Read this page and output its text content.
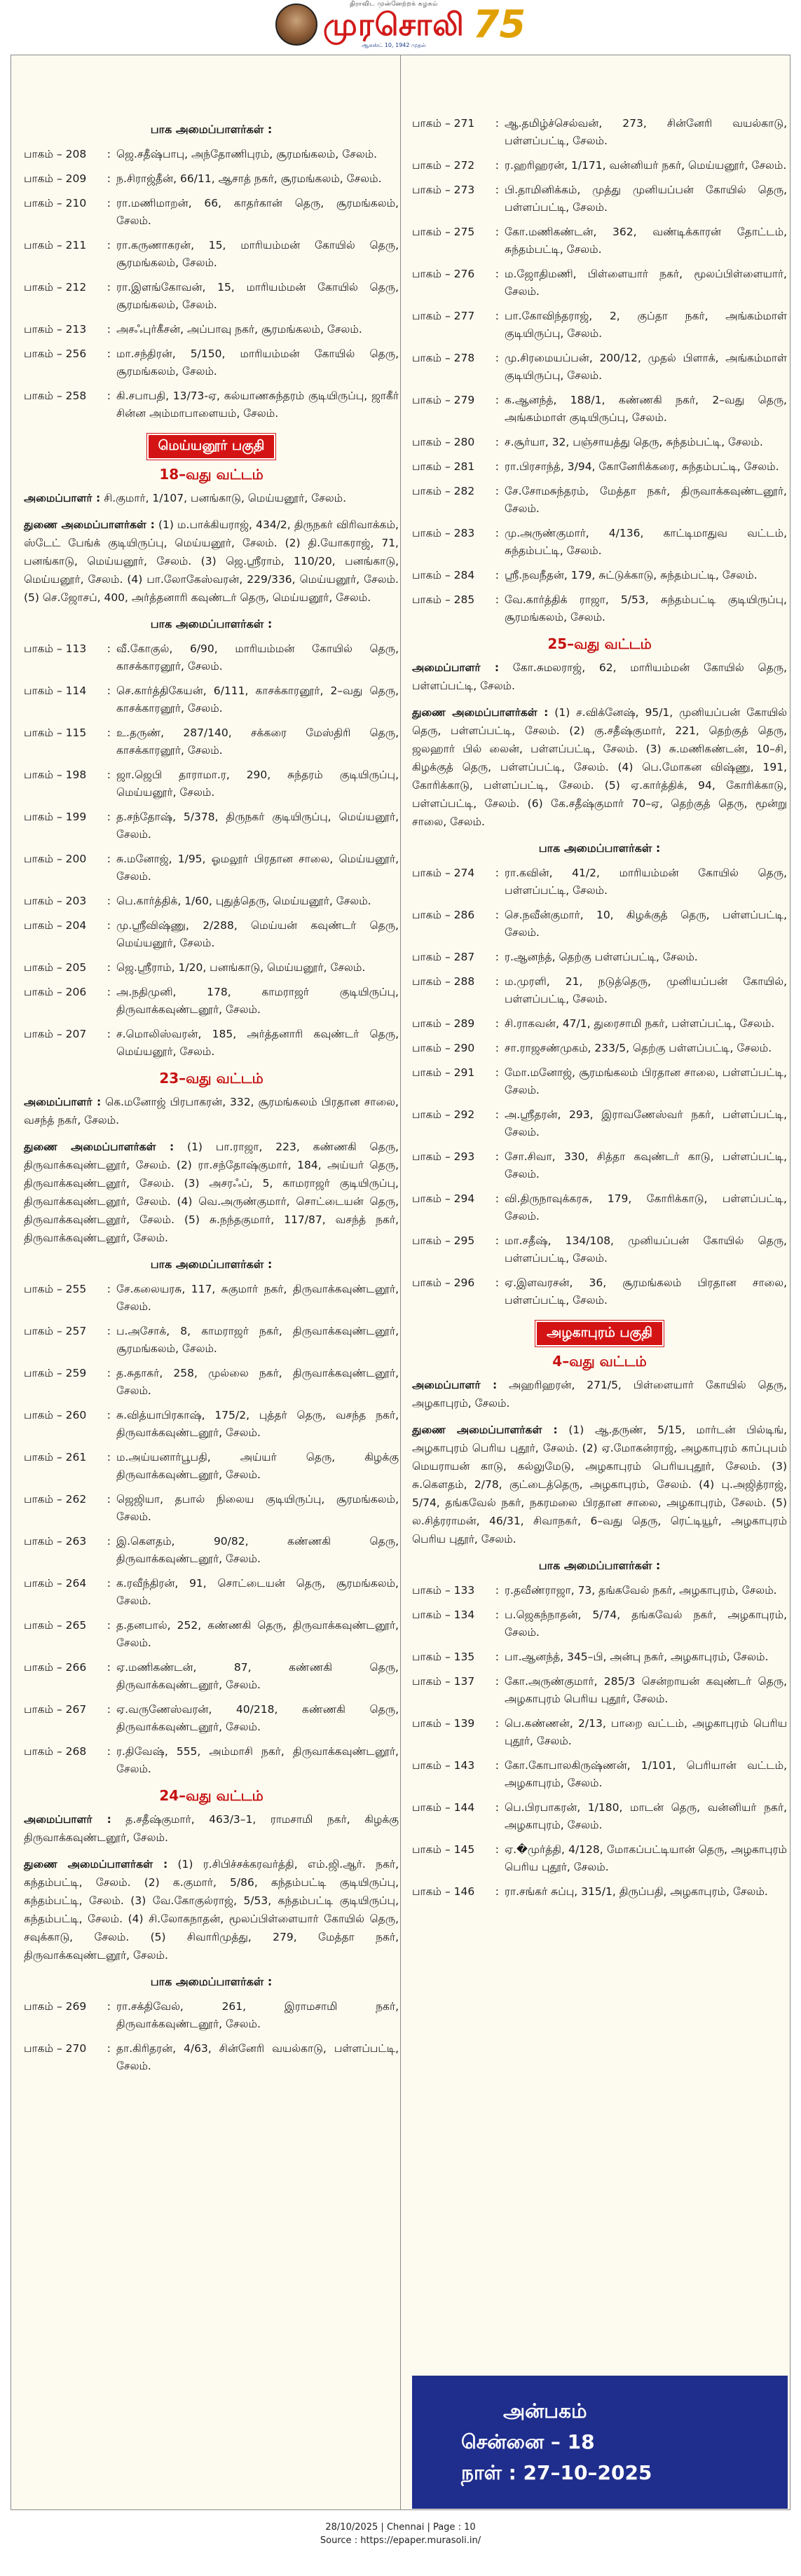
திராவிட முன்னேற்றக் கழகம்
முரசொலி
ஆகஸ்ட் 10, 1942 முதல் 75
பாக அமைப்பாளர்கள் :
பாகம் – 208 : ஜெ.சதீஷ்பாபு, அந்தோணிபுரம், சூரமங்கலம், சேலம்.
பாகம் – 209 : ந.சிராஜ்தீன், 66/11, ஆசாத் நகர், சூரமங்கலம், சேலம்.
பாகம் – 210 : ரா.மணிமாறன், 66, காதர்கான் தெரு, சூரமங்கலம், சேலம்.
பாகம் – 211 : ரா.கருணாகரன், 15, மாரியம்மன் கோயில் தெரு, சூரமங்கலம், சேலம்.
பாகம் – 212 : ரா.இளங்கோவன், 15, மாரியம்மன் கோயில் தெரு, சூரமங்கலம், சேலம்.
பாகம் – 213 : அசஃபுர்கீசன், அப்பாவு நகர், சூரமங்கலம், சேலம்.
பாகம் – 256 : மா.சந்திரன், 5/150, மாரியம்மன் கோயில் தெரு, சூரமங்கலம், சேலம்.
பாகம் – 258 : கி.சபாபதி, 13/73-ஏ, கல்யாணசுந்தரம் குடியிருப்பு, ஜாகீர் சின்ன அம்மாபாளையம், சேலம்.
மெய்யனூர் பகுதி
18–வது வட்டம்
அமைப்பாளர் : சி.குமார், 1/107, பனங்காடு, மெய்யனூர், சேலம்.
துணை அமைப்பாளர்கள் : (1) ம.பாக்கியராஜ், 434/2, திருநகர் விரிவாக்கம், ஸ்டேட் பேங்க் குடியிருப்பு, மெய்யனூர், சேலம். (2) தி.யோகராஜ், 71, பனங்காடு, மெய்யனூர், சேலம். (3) ஜெ.ஸ்ரீராம், 110/20, பனங்காடு, மெய்யனூர், சேலம். (4) பா.லோகேஸ்வரன், 229/336, மெய்யனூர், சேலம். (5) செ.ஜோசப், 400, அர்த்தனாரி கவுண்டர் தெரு, மெய்யனூர், சேலம்.
பாக அமைப்பாளர்கள் :
பாகம் – 113 : வீ.கோகுல், 6/90, மாரியம்மன் கோயில் தெரு, காசக்காரனூர், சேலம்.
பாகம் – 114 : செ.கார்த்திகேயன், 6/111, காசக்காரனூர், 2–வது தெரு, காசக்காரனூர், சேலம்.
பாகம் – 115 : உ.தருண், 287/140, சக்கரை மேஸ்திரி தெரு, காசக்காரனூர், சேலம்.
பாகம் – 198 : ஜா.ஜெபி தாராமா.ர, 290, சுந்தரம் குடியிருப்பு, மெய்யனூர், சேலம்.
பாகம் – 199 : த.சந்தோஷ், 5/378, திருநகர் குடியிருப்பு, மெய்யனூர், சேலம்.
பாகம் – 200 : சு.மனோஜ், 1/95, ஓமலூர் பிரதான சாலை, மெய்யனூர், சேலம்.
பாகம் – 203 : பெ.கார்த்திக், 1/60, புதுத்தெரு, மெய்யனூர், சேலம்.
பாகம் – 204 : மு.ஸ்ரீவிஷ்ணு, 2/288, மெய்யன் கவுண்டர் தெரு, மெய்யனூர், சேலம்.
பாகம் – 205 : ஜெ.ஸ்ரீராம், 1/20, பனங்காடு, மெய்யனூர், சேலம்.
பாகம் – 206 : அ.நதிமுனி, 178, காமராஜர் குடியிருப்பு, திருவாக்கவுண்டனூர், சேலம்.
பாகம் – 207 : ச.மொலிஸ்வரன், 185, அர்த்தனாரி கவுண்டர் தெரு, மெய்யனூர், சேலம்.
23–வது வட்டம்
அமைப்பாளர் : கெ.மனோஜ் பிரபாகரன், 332, சூரமங்கலம் பிரதான சாலை, வசந்த் நகர், சேலம்.
துணை அமைப்பாளர்கள் : (1) பா.ராஜா, 223, கண்ணகி தெரு, திருவாக்கவுண்டனூர், சேலம். (2) ரா.சந்தோஷ்குமார், 184, அய்யர் தெரு, திருவாக்கவுண்டனூர், சேலம். (3) அசரஃப், 5, காமராஜர் குடியிருப்பு, திருவாக்கவுண்டனூர், சேலம். (4) வெ.அருண்குமார், சொட்டையன் தெரு, திருவாக்கவுண்டனூர், சேலம். (5) சு.நந்தகுமார், 117/87, வசந்த் நகர், திருவாக்கவுண்டனூர், சேலம்.
பாக அமைப்பாளர்கள் :
பாகம் – 255 : சே.கலையரசு, 117, சுகுமார் நகர், திருவாக்கவுண்டனூர், சேலம்.
பாகம் – 257 : ப.அசோக், 8, காமராஜர் நகர், திருவாக்கவுண்டனூர், சூரமங்கலம், சேலம்.
பாகம் – 259 : த.சுதாகர், 258, முல்லை நகர், திருவாக்கவுண்டனூர், சேலம்.
பாகம் – 260 : சு.வித்யாபிரகாஷ், 175/2, புத்தர் தெரு, வசந்த நகர், திருவாக்கவுண்டனூர், சேலம்.
பாகம் – 261 : ம.அய்யனார்பூபதி, அய்யர் தெரு, கிழக்கு திருவாக்கவுண்டனூர், சேலம்.
பாகம் – 262 : ஜெஜியா, தபால் நிலைய குடியிருப்பு, சூரமங்கலம், சேலம்.
பாகம் – 263 : இ.கௌதம், 90/82, கண்ணகி தெரு, திருவாக்கவுண்டனூர், சேலம்.
பாகம் – 264 : க.ரவீந்திரன், 91, சொட்டையன் தெரு, சூரமங்கலம், சேலம்.
பாகம் – 265 : த.தனபால், 252, கண்ணகி தெரு, திருவாக்கவுண்டனூர், சேலம்.
பாகம் – 266 : ஏ.மணிகண்டன், 87, கண்ணகி தெரு, திருவாக்கவுண்டனூர், சேலம்.
பாகம் – 267 : ஏ.வருணேஸ்வரன், 40/218, கண்ணகி தெரு, திருவாக்கவுண்டனூர், சேலம்.
பாகம் – 268 : ர.திவேஷ், 555, அம்மாசி நகர், திருவாக்கவுண்டனூர், சேலம்.
24–வது வட்டம்
அமைப்பாளர் : த.சதீஷ்குமார், 463/3–1, ராமசாமி நகர், கிழக்கு திருவாக்கவுண்டனூர், சேலம்.
துணை அமைப்பாளர்கள் : (1) ர.சிபிச்சக்கரவர்த்தி, எம்.ஜி.ஆர். நகர், கந்தம்பட்டி, சேலம். (2) க.குமார், 5/86, கந்தம்பட்டி குடியிருப்பு, கந்தம்பட்டி, சேலம். (3) வே.கோகுல்ராஜ், 5/53, கந்தம்பட்டி குடியிருப்பு, கந்தம்பட்டி, சேலம். (4) சி.லோகநாதன், மூலப்பிள்ளையார் கோயில் தெரு, சவுக்காடு, சேலம். (5) சிவாரிமுத்து, 279, மேத்தா நகர், திருவாக்கவுண்டனூர், சேலம்.
பாக அமைப்பாளர்கள் :
பாகம் – 269 : ரா.சக்திவேல், 261, இராமசாமி நகர், திருவாக்கவுண்டனூர், சேலம்.
பாகம் – 270 : தா.கிரிதரன், 4/63, சின்னேரி வயல்காடு, பள்ளப்பட்டி, சேலம்.
பாகம் – 271 : ஆ.தமிழ்ச்செல்வன், 273, சின்னேரி வயல்காடு, பள்ளப்பட்டி, சேலம்.
பாகம் – 272 : ர.ஹரிஹரன், 1/171, வன்னியர் நகர், மெய்யனூர், சேலம்.
பாகம் – 273 : பி.தாமினிக்கம், முத்து முனியப்பன் கோயில் தெரு, பள்ளப்பட்டி, சேலம்.
பாகம் – 275 : கோ.மணிகண்டன், 362, வண்டிக்காரன் தோட்டம், சுந்தம்பட்டி, சேலம்.
பாகம் – 276 : ம.ஜோதிமணி, பிள்ளையார் நகர், மூலப்பிள்ளையார், சேலம்.
பாகம் – 277 : பா.கோவிந்தராஜ், 2, குப்தா நகர், அங்கம்மாள் குடியிருப்பு, சேலம்.
பாகம் – 278 : மு.சிரமையப்பன், 200/12, முதல் பிளாக், அங்கம்மாள் குடியிருப்பு, சேலம்.
பாகம் – 279 : க.ஆனந்த், 188/1, கண்ணகி நகர், 2–வது தெரு, அங்கம்மாள் குடியிருப்பு, சேலம்.
பாகம் – 280 : ச.சூர்யா, 32, பஞ்சாயத்து தெரு, சுந்தம்பட்டி, சேலம்.
பாகம் – 281 : ரா.பிரசாந்த், 3/94, கோனேரிக்கரை, சுந்தம்பட்டி, சேலம்.
பாகம் – 282 : சே.சோமசுந்தரம், மேத்தா நகர், திருவாக்கவுண்டனூர், சேலம்.
பாகம் – 283 : மு.அருண்குமார், 4/136, காட்டிமாதுவ வட்டம், சுந்தம்பட்டி, சேலம்.
பாகம் – 284 : ஸ்ரீ.நவநீதன், 179, சுட்டுக்காடு, சுந்தம்பட்டி, சேலம்.
பாகம் – 285 : வே.கார்த்திக் ராஜா, 5/53, சுந்தம்பட்டி குடியிருப்பு, சூரமங்கலம், சேலம்.
25–வது வட்டம்
அமைப்பாளர் : கோ.சுமலராஜ், 62, மாரியம்மன் கோயில் தெரு, பள்ளப்பட்டி, சேலம்.
துணை அமைப்பாளர்கள் : (1) ச.விக்னேஷ், 95/1, முனியப்பன் கோயில் தெரு, பள்ளப்பட்டி, சேலம். (2) கு.சதீஷ்குமார், 221, தெற்குத் தெரு, ஜலஹார் பில் லைன், பள்ளப்பட்டி, சேலம். (3) சு.மணிகண்டன், 10–சி, கிழக்குத் தெரு, பள்ளப்பட்டி, சேலம். (4) பெ.மோகன விஷ்ணு, 191, கோரிக்காடு, பள்ளப்பட்டி, சேலம். (5) ஏ.கார்த்திக், 94, கோரிக்காடு, பள்ளப்பட்டி, சேலம். (6) கே.சதீஷ்குமார் 70–ஏ, தெற்குத் தெரு, மூன்று சாலை, சேலம்.
பாக அமைப்பாளர்கள் :
பாகம் – 274 : ரா.கவின், 41/2, மாரியம்மன் கோயில் தெரு, பள்ளப்பட்டி, சேலம்.
பாகம் – 286 : செ.நவீன்குமார், 10, கிழக்குத் தெரு, பள்ளப்பட்டி, சேலம்.
பாகம் – 287 : ர.ஆனந்த், தெற்கு பள்ளப்பட்டி, சேலம்.
பாகம் – 288 : ம.முரளி, 21, நடுத்தெரு, முனியப்பன் கோயில், பள்ளப்பட்டி, சேலம்.
பாகம் – 289 : சி.ராகவன், 47/1, துரைசாமி நகர், பள்ளப்பட்டி, சேலம்.
பாகம் – 290 : சா.ராஜசண்முகம், 233/5, தெற்கு பள்ளப்பட்டி, சேலம்.
பாகம் – 291 : மோ.மனோஜ், சூரமங்கலம் பிரதான சாலை, பள்ளப்பட்டி, சேலம்.
பாகம் – 292 : அ.ஸ்ரீதரன், 293, இராவணேஸ்வர் நகர், பள்ளப்பட்டி, சேலம்.
பாகம் – 293 : சோ.சிவா, 330, சித்தா கவுண்டர் காடு, பள்ளப்பட்டி, சேலம்.
பாகம் – 294 : வி.திருநாவுக்கரசு, 179, கோரிக்காடு, பள்ளப்பட்டி, சேலம்.
பாகம் – 295 : மா.சதீஷ், 134/108, முனியப்பன் கோயில் தெரு, பள்ளப்பட்டி, சேலம்.
பாகம் – 296 : ஏ.இளவரசன், 36, சூரமங்கலம் பிரதான சாலை, பள்ளப்பட்டி, சேலம்.
அழகாபுரம் பகுதி
4–வது வட்டம்
அமைப்பாளர் : அஹரிஹரன், 271/5, பிள்ளையார் கோயில் தெரு, அழகாபுரம், சேலம்.
துணை அமைப்பாளர்கள் : (1) ஆ.தருண், 5/15, மார்டன் பில்டிங், அழகாபுரம் பெரிய புதூர், சேலம். (2) ஏ.மோகன்ராஜ், அழகாபுரம் காப்புபம் மெயராயன் காடு, கல்லுமேடு, அழகாபுரம் பெரியபுதூர், சேலம். (3) சு.கௌதம், 2/78, குட்டைத்தெரு, அழகாபுரம், சேலம். (4) பு.அஜித்ராஜ், 5/74, தங்கவேல் நகர், நகரமலை பிரதான சாலை, அழகாபுரம், சேலம். (5) ல.சித்ரராமன், 46/31, சிவாநகர், 6–வது தெரு, ரெட்டியூர், அழகாபுரம் பெரிய புதூர், சேலம்.
பாக அமைப்பாளர்கள் :
பாகம் – 133 : ர.தவீண்ராஜா, 73, தங்கவேல் நகர், அழகாபுரம், சேலம்.
பாகம் – 134 : ப.ஜெகந்நாதன், 5/74, தங்கவேல் நகர், அழகாபுரம், சேலம்.
பாகம் – 135 : பா.ஆனந்த், 345–பி, அன்பு நகர், அழகாபுரம், சேலம்.
பாகம் – 137 : கோ.அருண்குமார், 285/3 சென்றாயன் கவுண்டர் தெரு, அழகாபுரம் பெரிய புதூர், சேலம்.
பாகம் – 139 : பெ.கண்ணன், 2/13, பாறை வட்டம், அழகாபுரம் பெரிய புதூர், சேலம்.
பாகம் – 143 : கோ.கோபாலகிருஷ்ணன், 1/101, பெரியான் வட்டம், அழகாபுரம், சேலம்.
பாகம் – 144 : பெ.பிரபாகரன், 1/180, மாடன் தெரு, வன்னியர் நகர், அழகாபுரம், சேலம்.
பாகம் – 145 : ஏ.�முர்த்தி, 4/128, மோகப்பட்டியான் தெரு, அழகாபுரம் பெரிய புதூர், சேலம்.
பாகம் – 146 : ரா.சங்கர் சுப்பு, 315/1, திருப்பதி, அழகாபுரம், சேலம்.
அன்பகம்
சென்னை – 18
நாள் : 27–10–2025
28/10/2025 | Chennai | Page : 10
Source : https://epaper.murasoli.in/
